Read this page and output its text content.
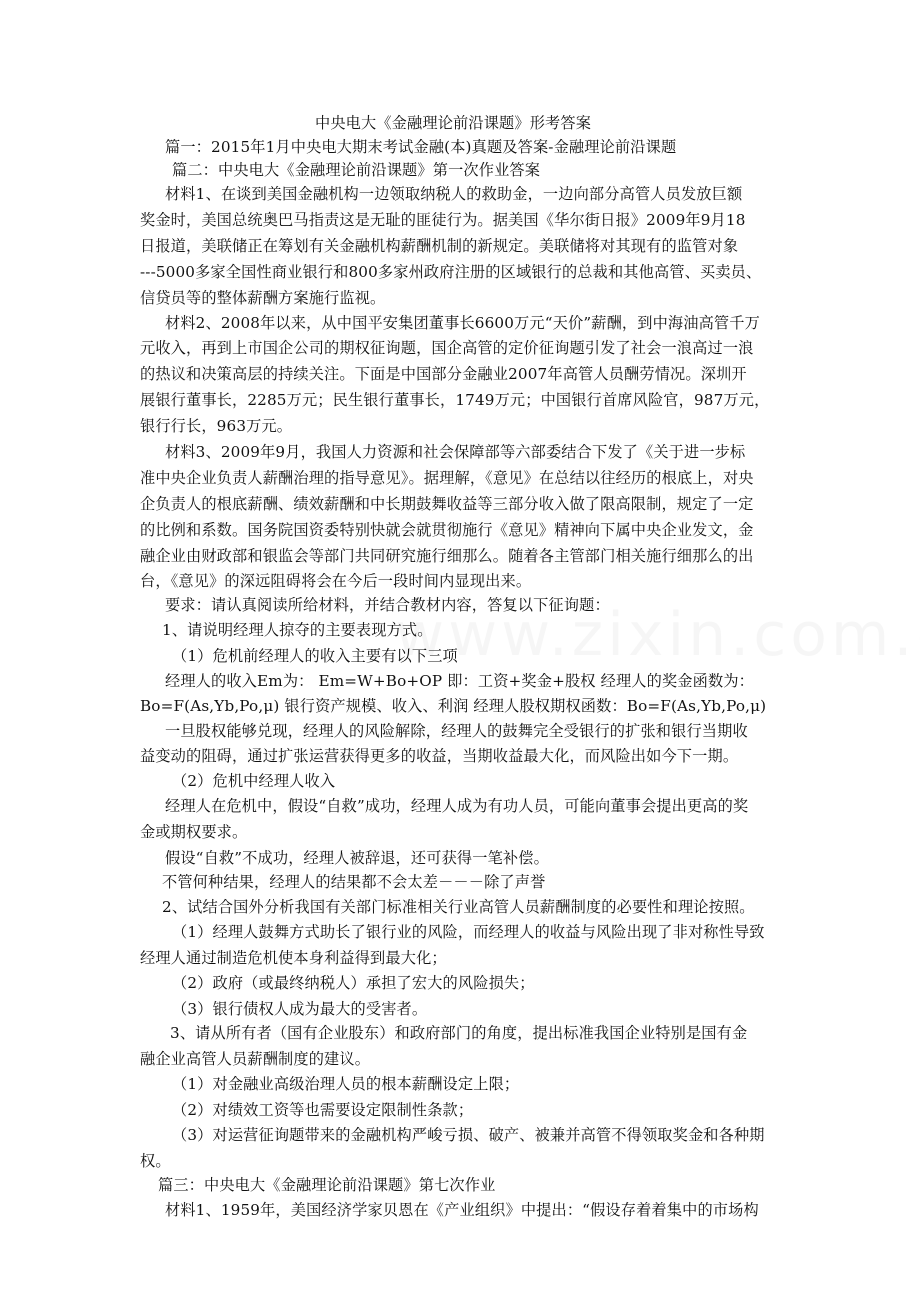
中央电大《金融理论前沿课题》形考答案
篇一：2015年1月中央电大期末考试金融(本)真题及答案-金融理论前沿课题
篇二：中央电大《金融理论前沿课题》第一次作业答案
材料1、在谈到美国金融机构一边领取纳税人的救助金，一边向部分高管人员发放巨额
奖金时，美国总统奥巴马指责这是无耻的匪徒行为。据美国《华尔街日报》2009年9月18
日报道，美联储正在筹划有关金融机构薪酬机制的新规定。美联储将对其现有的监管对象
---5000多家全国性商业银行和800多家州政府注册的区域银行的总裁和其他高管、买卖员、
信贷员等的整体薪酬方案施行监视。
材料2、2008年以来，从中国平安集团董事长6600万元“天价”薪酬，到中海油高管千万
元收入，再到上市国企公司的期权征询题，国企高管的定价征询题引发了社会一浪高过一浪
的热议和决策高层的持续关注。下面是中国部分金融业2007年高管人员酬劳情况。深圳开
展银行董事长，2285万元；民生银行董事长，1749万元；中国银行首席风险官，987万元，
银行行长，963万元。
材料3、2009年9月，我国人力资源和社会保障部等六部委结合下发了《关于进一步标
准中央企业负责人薪酬治理的指导意见》。据理解，《意见》在总结以往经历的根底上，对央
企负责人的根底薪酬、绩效薪酬和中长期鼓舞收益等三部分收入做了限高限制，规定了一定
的比例和系数。国务院国资委特别快就会就贯彻施行《意见》精神向下属中央企业发文，金
融企业由财政部和银监会等部门共同研究施行细那么。随着各主管部门相关施行细那么的出
台，《意见》的深远阻碍将会在今后一段时间内显现出来。
要求：请认真阅读所给材料，并结合教材内容，答复以下征询题：
1、请说明经理人掠夺的主要表现方式。
（1）危机前经理人的收入主要有以下三项
经理人的收入Em为： Em=W+Bo+OP 即：工资+奖金+股权 经理人的奖金函数为：
Bo=F(As,Yb,Po,μ) 银行资产规模、收入、利润 经理人股权期权函数：Bo=F(As,Yb,Po,μ)
一旦股权能够兑现，经理人的风险解除，经理人的鼓舞完全受银行的扩张和银行当期收
益变动的阻碍，通过扩张运营获得更多的收益，当期收益最大化，而风险出如今下一期。
（2）危机中经理人收入
经理人在危机中，假设“自救”成功，经理人成为有功人员，可能向董事会提出更高的奖
金或期权要求。
假设“自救”不成功，经理人被辞退，还可获得一笔补偿。
不管何种结果，经理人的结果都不会太差－－－除了声誉
2、试结合国外分析我国有关部门标准相关行业高管人员薪酬制度的必要性和理论按照。
（1）经理人鼓舞方式助长了银行业的风险，而经理人的收益与风险出现了非对称性导致
经理人通过制造危机使本身利益得到最大化；
（2）政府（或最终纳税人）承担了宏大的风险损失；
（3）银行债权人成为最大的受害者。
3、请从所有者（国有企业股东）和政府部门的角度，提出标准我国企业特别是国有金
融企业高管人员薪酬制度的建议。
（1）对金融业高级治理人员的根本薪酬设定上限；
（2）对绩效工资等也需要设定限制性条款；
（3）对运营征询题带来的金融机构严峻亏损、破产、被兼并高管不得领取奖金和各种期
权。
篇三：中央电大《金融理论前沿课题》第七次作业
材料1、1959年，美国经济学家贝恩在《产业组织》中提出：“假设存着着集中的市场构
